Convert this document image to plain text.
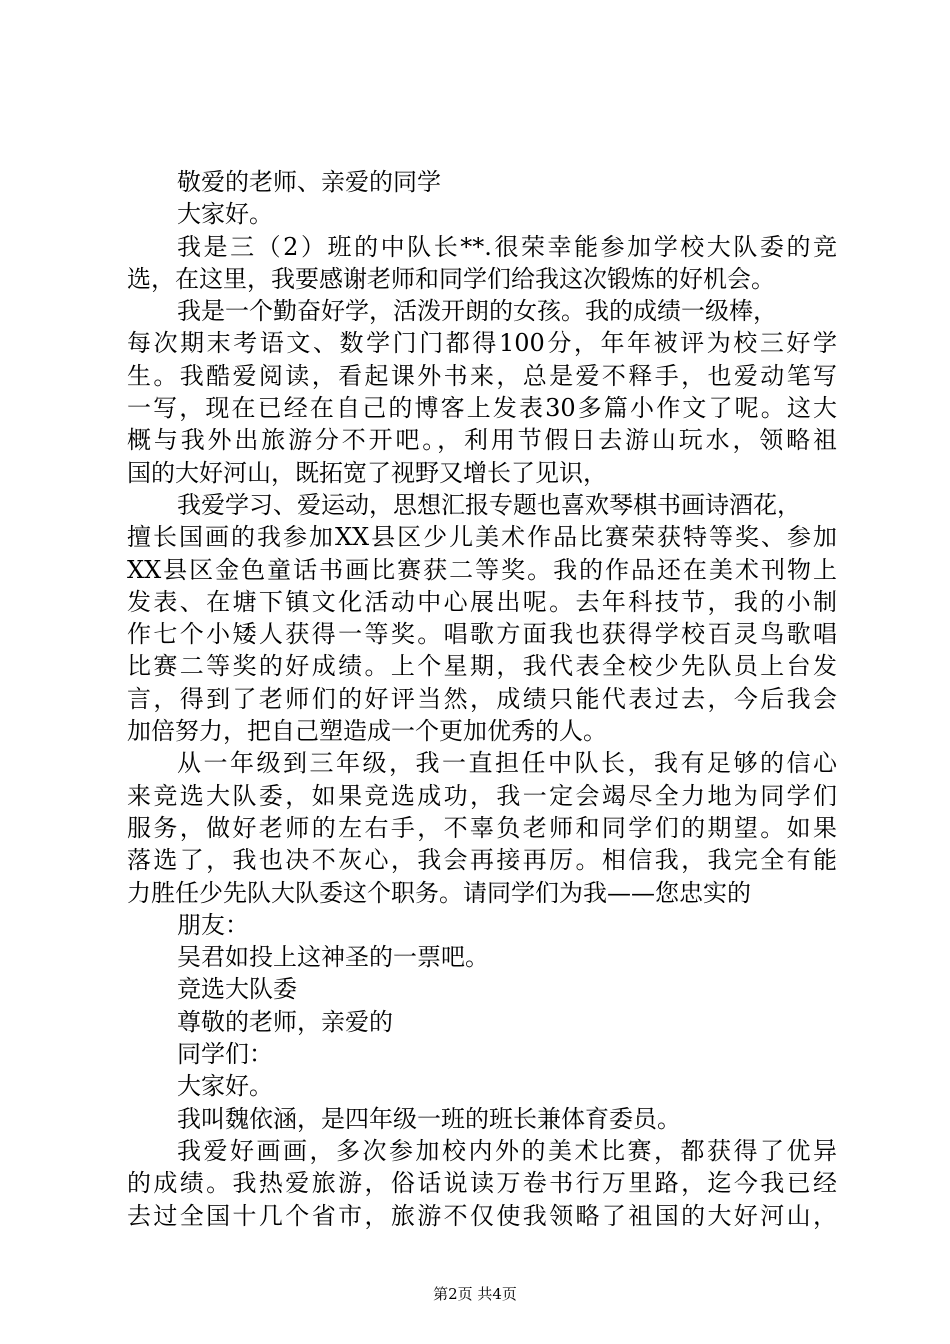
敬爱的老师、亲爱的同学
大家好。
我是三（2）班的中队长**.很荣幸能参加学校大队委的竞
选，在这里，我要感谢老师和同学们给我这次锻炼的好机会。
我是一个勤奋好学，活泼开朗的女孩。我的成绩一级棒，
每次期末考语文、数学门门都得100分，年年被评为校三好学
生。我酷爱阅读，看起课外书来，总是爱不释手，也爱动笔写
一写，现在已经在自己的博客上发表30多篇小作文了呢。这大
概与我外出旅游分不开吧。，利用节假日去游山玩水，领略祖
国的大好河山，既拓宽了视野又增长了见识，
我爱学习、爱运动，思想汇报专题也喜欢琴棋书画诗酒花，
擅长国画的我参加XX县区少儿美术作品比赛荣获特等奖、参加
XX县区金色童话书画比赛获二等奖。我的作品还在美术刊物上
发表、在塘下镇文化活动中心展出呢。去年科技节，我的小制
作七个小矮人获得一等奖。唱歌方面我也获得学校百灵鸟歌唱
比赛二等奖的好成绩。上个星期，我代表全校少先队员上台发
言，得到了老师们的好评当然，成绩只能代表过去，今后我会
加倍努力，把自己塑造成一个更加优秀的人。
从一年级到三年级，我一直担任中队长，我有足够的信心
来竞选大队委，如果竞选成功，我一定会竭尽全力地为同学们
服务，做好老师的左右手，不辜负老师和同学们的期望。如果
落选了，我也决不灰心，我会再接再厉。相信我，我完全有能
力胜任少先队大队委这个职务。请同学们为我——您忠实的
朋友：
吴君如投上这神圣的一票吧。
竞选大队委
尊敬的老师，亲爱的
同学们：
大家好。
我叫魏依涵，是四年级一班的班长兼体育委员。
我爱好画画，多次参加校内外的美术比赛，都获得了优异
的成绩。我热爱旅游，俗话说读万卷书行万里路，迄今我已经
去过全国十几个省市，旅游不仅使我领略了祖国的大好河山，
第2页 共4页
